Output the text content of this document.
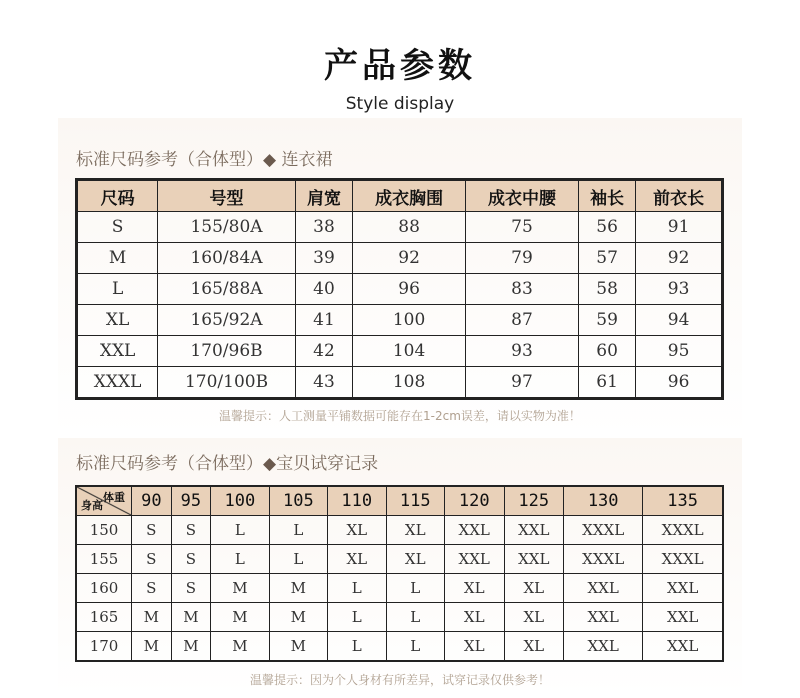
产品参数
Style display
标准尺码参考（合体型）◆ 连衣裙
尺码	号型	肩宽	成衣胸围	成衣中腰	袖长	前衣长
S	155/80A	38	88	75	56	91
M	160/84A	39	92	79	57	92
L	165/88A	40	96	83	58	93
XL	165/92A	41	100	87	59	94
XXL	170/96B	42	104	93	60	95
XXXL	170/100B	43	108	97	61	96
温馨提示：人工测量平铺数据可能存在1-2cm误差，请以实物为准！
标准尺码参考（合体型）◆宝贝试穿记录
体重
身高	90	95	100	105	110	115	120	125	130	135
150	S	S	L	L	XL	XL	XXL	XXL	XXXL	XXXL
155	S	S	L	L	XL	XL	XXL	XXL	XXXL	XXXL
160	S	S	M	M	L	L	XL	XL	XXL	XXL
165	M	M	M	M	L	L	XL	XL	XXL	XXL
170	M	M	M	M	L	L	XL	XL	XXL	XXL
温馨提示：因为个人身材有所差异，试穿记录仅供参考！
